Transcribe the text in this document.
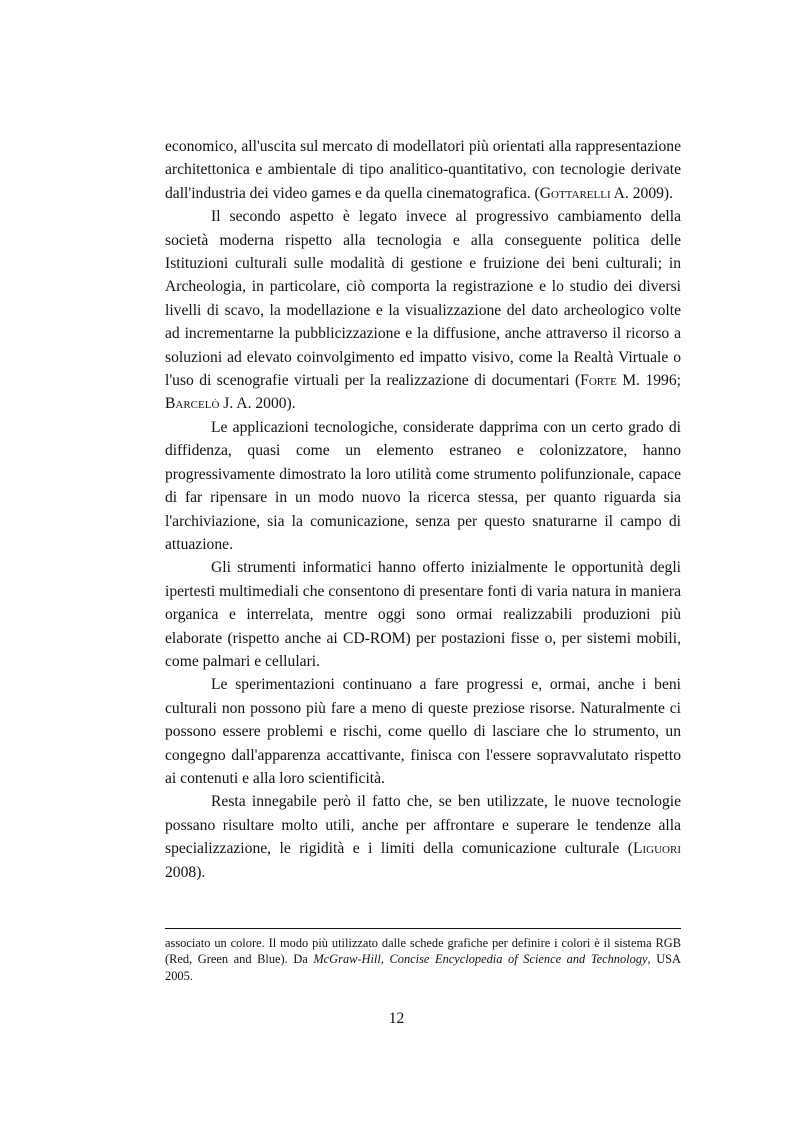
economico, all'uscita sul mercato di modellatori più orientati alla rappresentazione architettonica e ambientale di tipo analitico-quantitativo, con tecnologie derivate dall'industria dei video games e da quella cinematografica. (Gottarelli A. 2009).

Il secondo aspetto è legato invece al progressivo cambiamento della società moderna rispetto alla tecnologia e alla conseguente politica delle Istituzioni culturali sulle modalità di gestione e fruizione dei beni culturali; in Archeologia, in particolare, ciò comporta la registrazione e lo studio dei diversi livelli di scavo, la modellazione e la visualizzazione del dato archeologico volte ad incrementarne la pubblicizzazione e la diffusione, anche attraverso il ricorso a soluzioni ad elevato coinvolgimento ed impatto visivo, come la Realtà Virtuale o l'uso di scenografie virtuali per la realizzazione di documentari (Forte M. 1996; Barcelò J. A. 2000).

Le applicazioni tecnologiche, considerate dapprima con un certo grado di diffidenza, quasi come un elemento estraneo e colonizzatore, hanno progressivamente dimostrato la loro utilità come strumento polifunzionale, capace di far ripensare in un modo nuovo la ricerca stessa, per quanto riguarda sia l'archiviazione, sia la comunicazione, senza per questo snaturarne il campo di attuazione.

Gli strumenti informatici hanno offerto inizialmente le opportunità degli ipertesti multimediali che consentono di presentare fonti di varia natura in maniera organica e interrelata, mentre oggi sono ormai realizzabili produzioni più elaborate (rispetto anche ai CD-ROM) per postazioni fisse o, per sistemi mobili, come palmari e cellulari.

Le sperimentazioni continuano a fare progressi e, ormai, anche i beni culturali non possono più fare a meno di queste preziose risorse. Naturalmente ci possono essere problemi e rischi, come quello di lasciare che lo strumento, un congegno dall'apparenza accattivante, finisca con l'essere sopravvalutato rispetto ai contenuti e alla loro scientificità.

Resta innegabile però il fatto che, se ben utilizzate, le nuove tecnologie possano risultare molto utili, anche per affrontare e superare le tendenze alla specializzazione, le rigidità e i limiti della comunicazione culturale (Liguori 2008).

associato un colore. Il modo più utilizzato dalle schede grafiche per definire i colori è il sistema RGB (Red, Green and Blue). Da McGraw-Hill, Concise Encyclopedia of Science and Technology, USA 2005.

12
